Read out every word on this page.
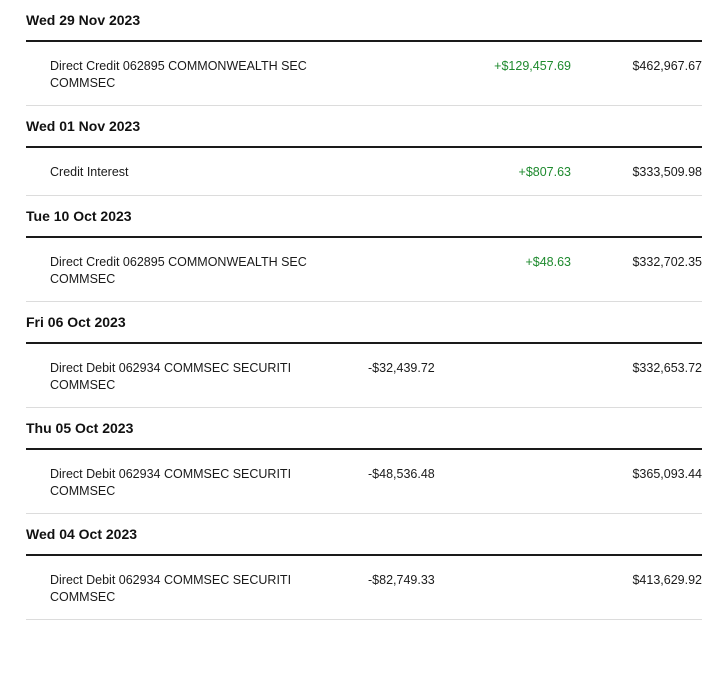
Wed 29 Nov 2023
Direct Credit 062895 COMMONWEALTH SEC COMMSEC
+$129,457.69	$462,967.67
Wed 01 Nov 2023
Credit Interest	+$807.63	$333,509.98
Tue 10 Oct 2023
Direct Credit 062895 COMMONWEALTH SEC COMMSEC
+$48.63	$332,702.35
Fri 06 Oct 2023
Direct Debit 062934 COMMSEC SECURITI COMMSEC
-$32,439.72	$332,653.72
Thu 05 Oct 2023
Direct Debit 062934 COMMSEC SECURITI COMMSEC
-$48,536.48	$365,093.44
Wed 04 Oct 2023
Direct Debit 062934 COMMSEC SECURITI COMMSEC
-$82,749.33	$413,629.92
